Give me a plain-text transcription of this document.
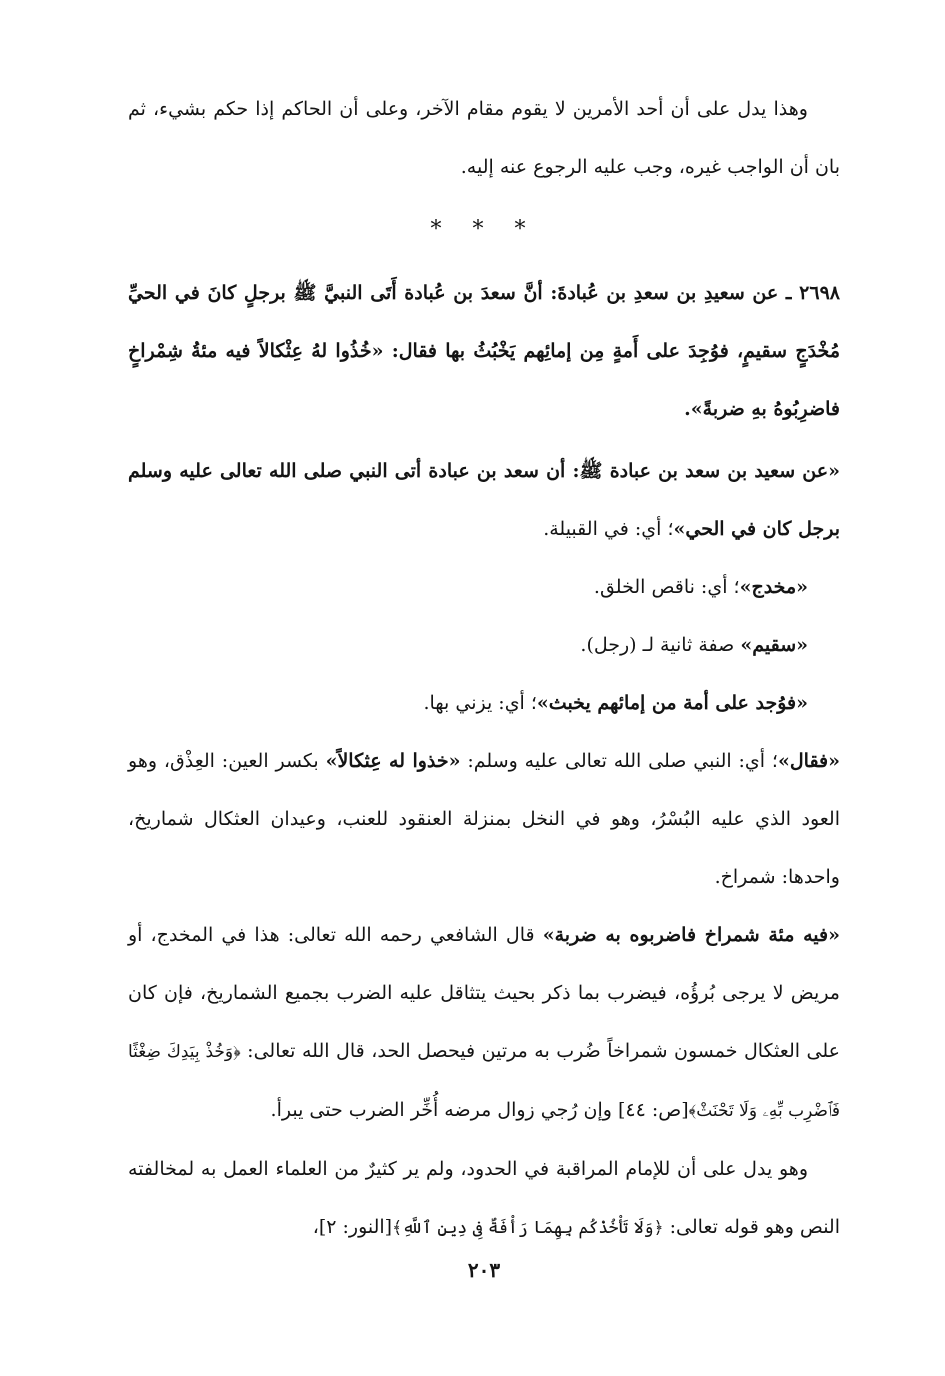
وهذا يدل على أن أحد الأمرين لا يقوم مقام الآخر، وعلى أن الحاكم إذا حكم بشيء، ثم بان أن الواجب غيره، وجب عليه الرجوع عنه إليه.

* * *

٢٦٩٨ ـ عن سعيدِ بن سعدِ بن عُبادةَ: أنَّ سعدَ بن عُبادة أَتَى النبيَّ ﷺ برجلٍ كانَ في الحيِّ مُخْدَجٍ سقيمٍ، فوُجِدَ على أَمةٍ مِن إمائِهم يَخْبُثُ بها فقال: «خُذُوا لهُ عِثْكالاً فيه مئةُ شِمْراخٍ فاضرِبُوهُ بهِ ضربةً».

«عن سعيد بن سعد بن عبادة ﷺ: أن سعد بن عبادة أتى النبي صلى الله تعالى عليه وسلم برجل كان في الحي»؛ أي: في القبيلة.

«مخدج»؛ أي: ناقص الخلق.

«سقيم» صفة ثانية لـ (رجل).

«فوُجد على أمة من إمائهم يخبث»؛ أي: يزني بها.

«فقال»؛ أي: النبي صلى الله تعالى عليه وسلم: «خذوا له عِثكالاً» بكسر العين: العِذْق، وهو العود الذي عليه البُسْرُ، وهو في النخل بمنزلة العنقود للعنب، وعيدان العثكال شماريخ، واحدها: شمراخ.

«فيه مئة شمراخ فاضربوه به ضربة» قال الشافعي رحمه الله تعالى: هذا في المخدج، أو مريض لا يرجى بُرؤُه، فيضرب بما ذكر بحيث يتثاقل عليه الضرب بجميع الشماريخ، فإن كان على العثكال خمسون شمراخاً ضُرب به مرتين فيحصل الحد، قال الله تعالى: ﴿وَخُذْ بِيَدِكَ ضِغْثًا فَٱضْرِب بِّهِۦ وَلَا تَحْنَثْ﴾[ص: ٤٤] وإن رُجي زوال مرضه أُخِّر الضرب حتى يبرأ.

وهو يدل على أن للإمام المراقبة في الحدود، ولم ير كثيرٌ من العلماء العمل به لمخالفته النص وهو قوله تعالى: ﴿وَلَا تَأْخُذْكُم بِهِمَا رَأْفَةٌ فِى دِينِ ٱللَّهِ﴾[النور: ٢]،

٢٠٣
